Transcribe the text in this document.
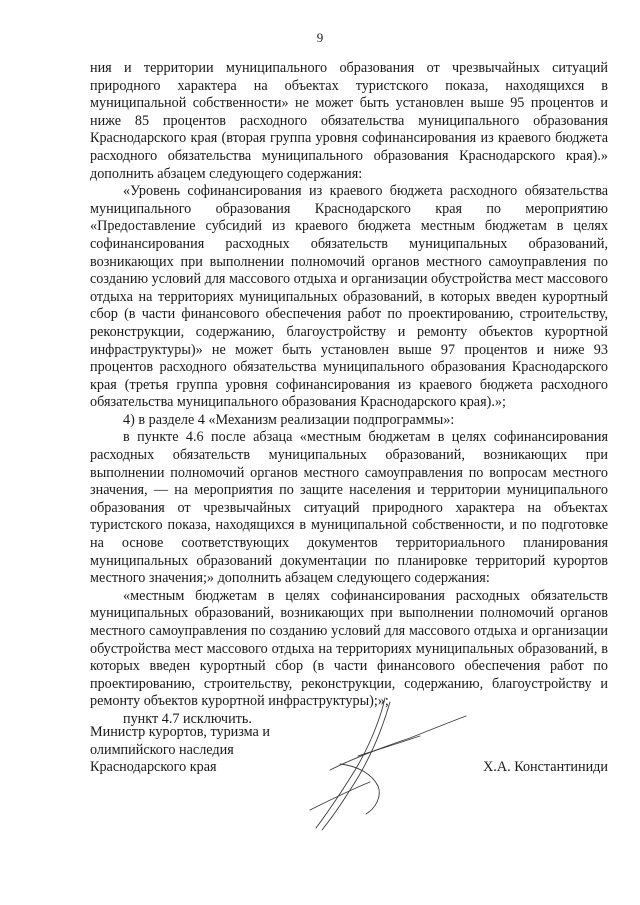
9

ния и территории муниципального образования от чрезвычайных ситуаций природного характера на объектах туристского показа, находящихся в муниципальной собственности» не может быть установлен выше 95 процентов и ниже 85 процентов расходного обязательства муниципального образования Краснодарского края (вторая группа уровня софинансирования из краевого бюджета расходного обязательства муниципального образования Краснодарского края).» дополнить абзацем следующего содержания:

«Уровень софинансирования из краевого бюджета расходного обязательства муниципального образования Краснодарского края по мероприятию «Предоставление субсидий из краевого бюджета местным бюджетам в целях софинансирования расходных обязательств муниципальных образований, возникающих при выполнении полномочий органов местного самоуправления по созданию условий для массового отдыха и организации обустройства мест массового отдыха на территориях муниципальных образований, в которых введен курортный сбор (в части финансового обеспечения работ по проектированию, строительству, реконструкции, содержанию, благоустройству и ремонту объектов курортной инфраструктуры)» не может быть установлен выше 97 процентов и ниже 93 процентов расходного обязательства муниципального образования Краснодарского края (третья группа уровня софинансирования из краевого бюджета расходного обязательства муниципального образования Краснодарского края).»;

4) в разделе 4 «Механизм реализации подпрограммы»:

в пункте 4.6 после абзаца «местным бюджетам в целях софинансирования расходных обязательств муниципальных образований, возникающих при выполнении полномочий органов местного самоуправления по вопросам местного значения, — на мероприятия по защите населения и территории муниципального образования от чрезвычайных ситуаций природного характера на объектах туристского показа, находящихся в муниципальной собственности, и по подготовке на основе соответствующих документов территориального планирования муниципальных образований документации по планировке территорий курортов местного значения;» дополнить абзацем следующего содержания:

«местным бюджетам в целях софинансирования расходных обязательств муниципальных образований, возникающих при выполнении полномочий органов местного самоуправления по созданию условий для массового отдыха и организации обустройства мест массового отдыха на территориях муниципальных образований, в которых введен курортный сбор (в части финансового обеспечения работ по проектированию, строительству, реконструкции, содержанию, благоустройству и ремонту объектов курортной инфраструктуры);»;

пункт 4.7 исключить.

Министр курортов, туризма и
олимпийского наследия
Краснодарского края	Х.А. Константиниди
